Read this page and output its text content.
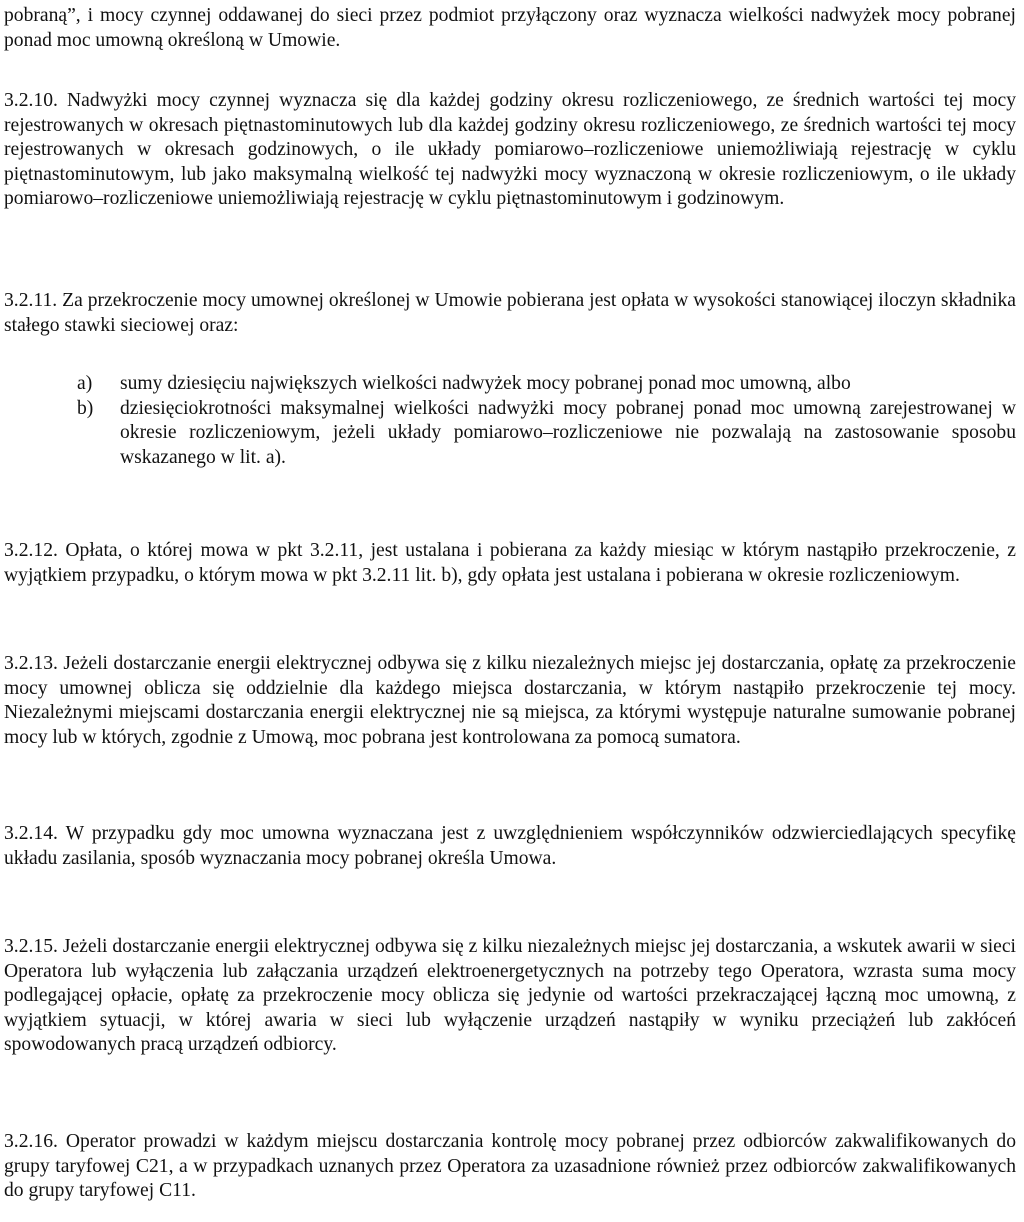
pobraną”, i mocy czynnej oddawanej do sieci przez podmiot przyłączony oraz wyznacza wielkości nadwyżek mocy pobranej ponad moc umowną określoną w Umowie.

3.2.10. Nadwyżki mocy czynnej wyznacza się dla każdej godziny okresu rozliczeniowego, ze średnich wartości tej mocy rejestrowanych w okresach piętnastominutowych lub dla każdej godziny okresu rozliczeniowego, ze średnich wartości tej mocy rejestrowanych w okresach godzinowych, o ile układy pomiarowo–rozliczeniowe uniemożliwiają rejestrację w cyklu piętnastominutowym, lub jako maksymalną wielkość tej nadwyżki mocy wyznaczoną w okresie rozliczeniowym, o ile układy pomiarowo–rozliczeniowe uniemożliwiają rejestrację w cyklu piętnastominutowym i godzinowym.

3.2.11. Za przekroczenie mocy umownej określonej w Umowie pobierana jest opłata w wysokości stanowiącej iloczyn składnika stałego stawki sieciowej oraz:

a) sumy dziesięciu największych wielkości nadwyżek mocy pobranej ponad moc umowną, albo
b) dziesięciokrotności maksymalnej wielkości nadwyżki mocy pobranej ponad moc umowną zarejestrowanej w okresie rozliczeniowym, jeżeli układy pomiarowo–rozliczeniowe nie pozwalają na zastosowanie sposobu wskazanego w lit. a).

3.2.12. Opłata, o której mowa w pkt 3.2.11, jest ustalana i pobierana za każdy miesiąc w którym nastąpiło przekroczenie, z wyjątkiem przypadku, o którym mowa w pkt 3.2.11 lit. b), gdy opłata jest ustalana i pobierana w okresie rozliczeniowym.

3.2.13. Jeżeli dostarczanie energii elektrycznej odbywa się z kilku niezależnych miejsc jej dostarczania, opłatę za przekroczenie mocy umownej oblicza się oddzielnie dla każdego miejsca dostarczania, w którym nastąpiło przekroczenie tej mocy. Niezależnymi miejscami dostarczania energii elektrycznej nie są miejsca, za którymi występuje naturalne sumowanie pobranej mocy lub w których, zgodnie z Umową, moc pobrana jest kontrolowana za pomocą sumatora.

3.2.14. W przypadku gdy moc umowna wyznaczana jest z uwzględnieniem współczynników odzwierciedlających specyfikę układu zasilania, sposób wyznaczania mocy pobranej określa Umowa.

3.2.15. Jeżeli dostarczanie energii elektrycznej odbywa się z kilku niezależnych miejsc jej dostarczania, a wskutek awarii w sieci Operatora lub wyłączenia lub załączania urządzeń elektroenergetycznych na potrzeby tego Operatora, wzrasta suma mocy podlegającej opłacie, opłatę za przekroczenie mocy oblicza się jedynie od wartości przekraczającej łączną moc umowną, z wyjątkiem sytuacji, w której awaria w sieci lub wyłączenie urządzeń nastąpiły w wyniku przeciążeń lub zakłóceń spowodowanych pracą urządzeń odbiorcy.

3.2.16. Operator prowadzi w każdym miejscu dostarczania kontrolę mocy pobranej przez odbiorców zakwalifikowanych do grupy taryfowej C21, a w przypadkach uznanych przez Operatora za uzasadnione również przez odbiorców zakwalifikowanych do grupy taryfowej C11.
